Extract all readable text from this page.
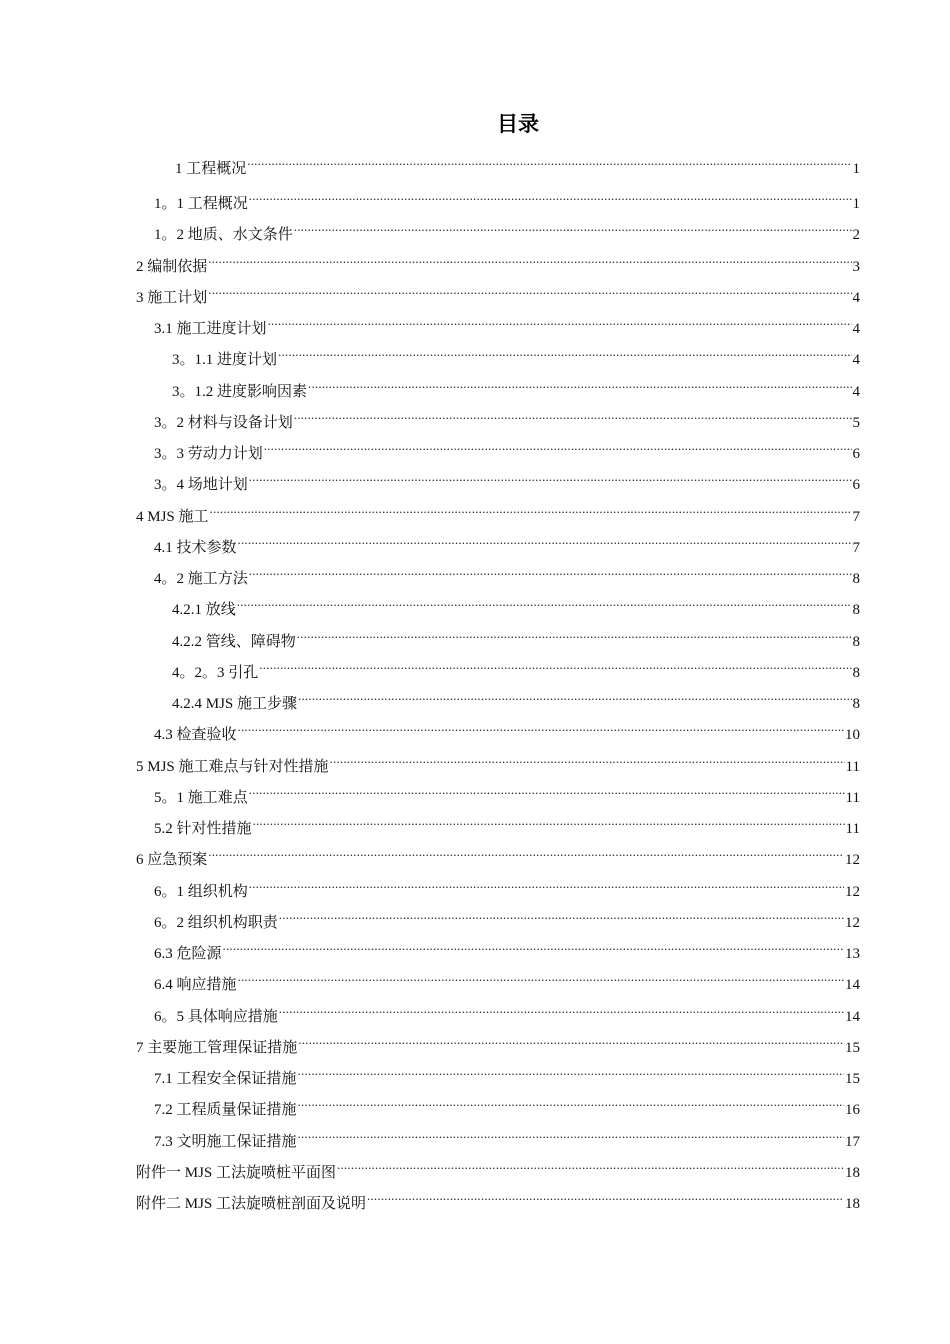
目录
1 工程概况 .....	1
1。1 工程概况 .....	1
1。2 地质、水文条件 .....	2
2 编制依据 .....	3
3 施工计划 .....	4
3.1 施工进度计划 .....	4
3。1.1 进度计划 .....	4
3。1.2 进度影响因素 .....	4
3。2 材料与设备计划 .....	5
3。3 劳动力计划 .....	6
3。4 场地计划 .....	6
4 MJS 施工 .....	7
4.1 技术参数 .....	7
4。2 施工方法 .....	8
4.2.1 放线 .....	8
4.2.2 管线、障碍物 .....	8
4。2。3 引孔 .....	8
4.2.4 MJS 施工步骤 .....	8
4.3 检查验收 .....	10
5 MJS 施工难点与针对性措施 .....	11
5。1 施工难点 .....	11
5.2 针对性措施 .....	11
6 应急预案 .....	12
6。1 组织机构 .....	12
6。2 组织机构职责 .....	12
6.3 危险源 .....	13
6.4 响应措施 .....	14
6。5 具体响应措施 .....	14
7 主要施工管理保证措施 .....	15
7.1 工程安全保证措施 .....	15
7.2 工程质量保证措施 .....	16
7.3 文明施工保证措施 .....	17
附件一 MJS 工法旋喷桩平面图 .....	18
附件二 MJS 工法旋喷桩剖面及说明 .....	18
